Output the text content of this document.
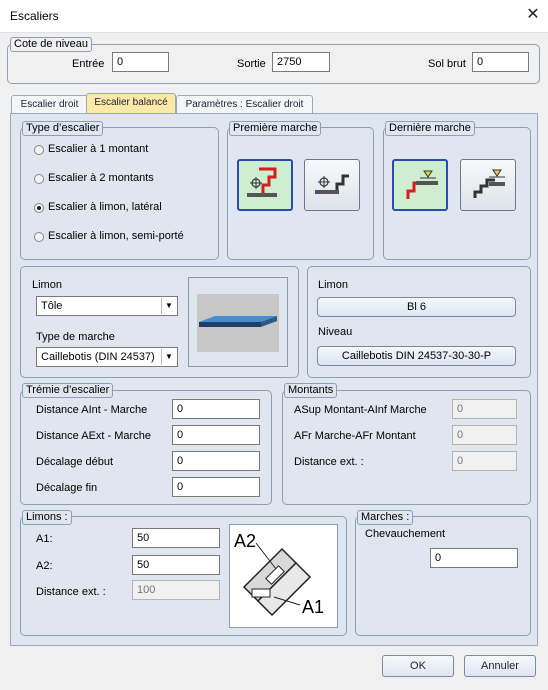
Escaliers	✕
Cote de niveau
Entrée	0	Sortie	2750	Sol brut	0
Escalier droit	Escalier balancé	Paramètres : Escalier droit
Type d’escalier
Escalier à 1 montant
Escalier à 2 montants
Escalier à limon, latéral
Escalier à limon, semi-porté
Première marche	Dernière marche
Limon
Tôle	▼
Type de marche
Caillebotis (DIN 24537)	▼
Limon
Bl 6
Niveau
Caillebotis DIN 24537-30-30-P
Trémie d’escalier
Distance AInt - Marche	0
Distance AExt - Marche	0
Décalage début	0
Décalage fin	0
Montants
ASup Montant-AInf Marche	0
AFr Marche-AFr Montant	0
Distance ext. :	0
Limons :
A1:	50
A2:	50
Distance ext. :	100
A2
A1
Marches :
Chevauchement
0
OK	Annuler
